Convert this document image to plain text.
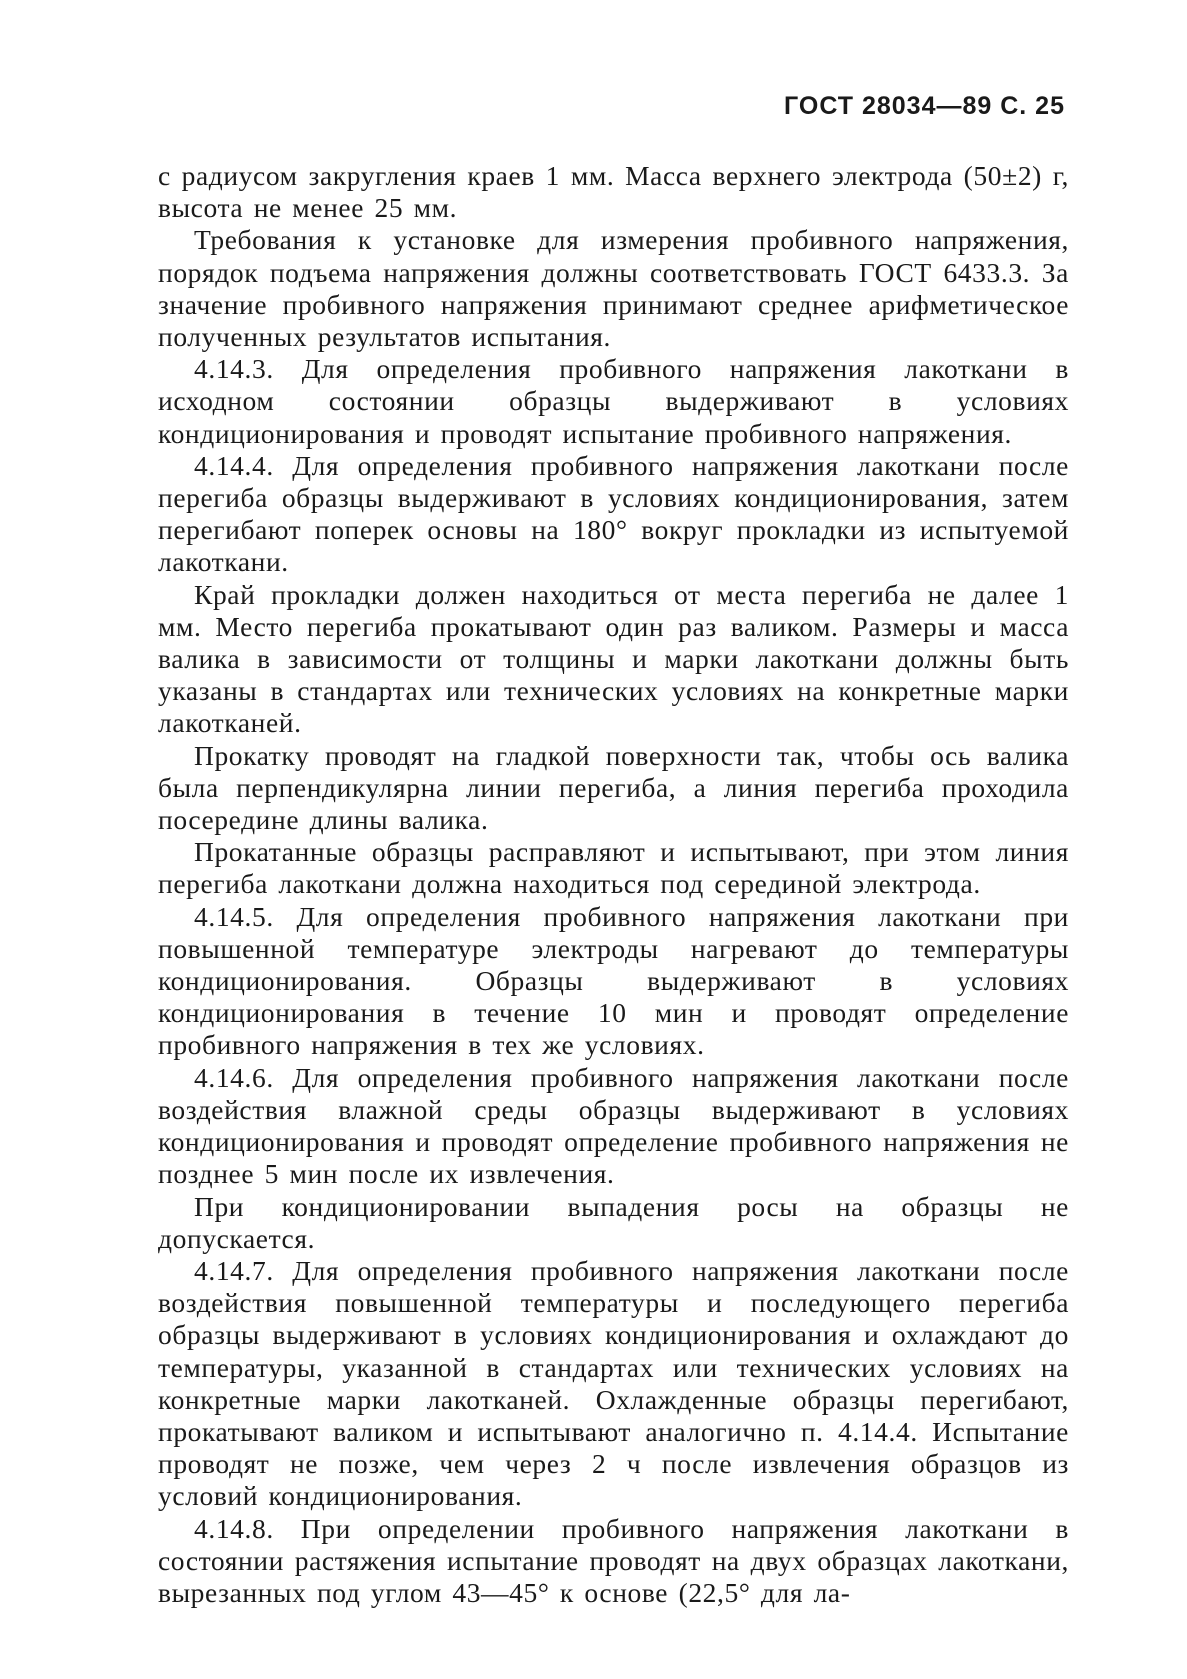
ГОСТ 28034—89 С. 25

с радиусом закругления краев 1 мм. Масса верхнего электрода (50±2) г, высота не менее 25 мм.

Требования к установке для измерения пробивного напряжения, порядок подъема напряжения должны соответствовать ГОСТ 6433.3. За значение пробивного напряжения принимают среднее арифметическое полученных результатов испытания.

4.14.3. Для определения пробивного напряжения лакоткани в исходном состоянии образцы выдерживают в условиях кондиционирования и проводят испытание пробивного напряжения.

4.14.4. Для определения пробивного напряжения лакоткани после перегиба образцы выдерживают в условиях кондиционирования, затем перегибают поперек основы на 180° вокруг прокладки из испытуемой лакоткани.

Край прокладки должен находиться от места перегиба не далее 1 мм. Место перегиба прокатывают один раз валиком. Размеры и масса валика в зависимости от толщины и марки лакоткани должны быть указаны в стандартах или технических условиях на конкретные марки лакотканей.

Прокатку проводят на гладкой поверхности так, чтобы ось валика была перпендикулярна линии перегиба, а линия перегиба проходила посередине длины валика.

Прокатанные образцы расправляют и испытывают, при этом линия перегиба лакоткани должна находиться под серединой электрода.

4.14.5. Для определения пробивного напряжения лакоткани при повышенной температуре электроды нагревают до температуры кондиционирования. Образцы выдерживают в условиях кондиционирования в течение 10 мин и проводят определение пробивного напряжения в тех же условиях.

4.14.6. Для определения пробивного напряжения лакоткани после воздействия влажной среды образцы выдерживают в условиях кондиционирования и проводят определение пробивного напряжения не позднее 5 мин после их извлечения.

При кондиционировании выпадения росы на образцы не допускается.

4.14.7. Для определения пробивного напряжения лакоткани после воздействия повышенной температуры и последующего перегиба образцы выдерживают в условиях кондиционирования и охлаждают до температуры, указанной в стандартах или технических условиях на конкретные марки лакотканей. Охлажденные образцы перегибают, прокатывают валиком и испытывают аналогично п. 4.14.4. Испытание проводят не позже, чем через 2 ч после извлечения образцов из условий кондиционирования.

4.14.8. При определении пробивного напряжения лакоткани в состоянии растяжения испытание проводят на двух образцах лакоткани, вырезанных под углом 43—45° к основе (22,5° для ла-
